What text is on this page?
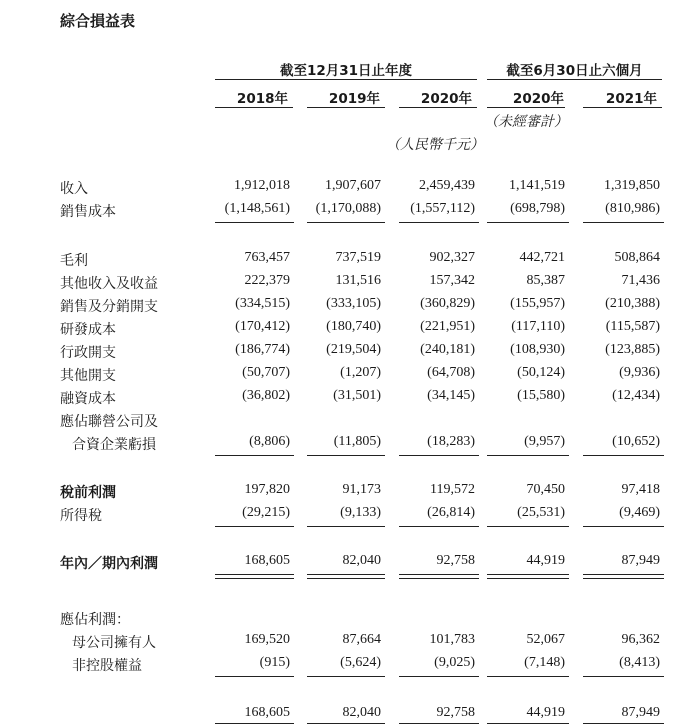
綜合損益表
截至12月31日止年度	截至6月30日止六個月
2018年	2019年	2020年	2020年	2021年
（未經審計）
（人民幣千元）
收入	1,912,018	1,907,607	2,459,439	1,141,519	1,319,850
銷售成本	(1,148,561)	(1,170,088)	(1,557,112)	(698,798)	(810,986)
毛利	763,457	737,519	902,327	442,721	508,864
其他收入及收益	222,379	131,516	157,342	85,387	71,436
銷售及分銷開支	(334,515)	(333,105)	(360,829)	(155,957)	(210,388)
研發成本	(170,412)	(180,740)	(221,951)	(117,110)	(115,587)
行政開支	(186,774)	(219,504)	(240,181)	(108,930)	(123,885)
其他開支	(50,707)	(1,207)	(64,708)	(50,124)	(9,936)
融資成本	(36,802)	(31,501)	(34,145)	(15,580)	(12,434)
應佔聯營公司及
合資企業虧損	(8,806)	(11,805)	(18,283)	(9,957)	(10,652)
稅前利潤	197,820	91,173	119,572	70,450	97,418
所得稅	(29,215)	(9,133)	(26,814)	(25,531)	(9,469)
年內／期內利潤	168,605	82,040	92,758	44,919	87,949
應佔利潤：
母公司擁有人	169,520	87,664	101,783	52,067	96,362
非控股權益	(915)	(5,624)	(9,025)	(7,148)	(8,413)
168,605	82,040	92,758	44,919	87,949
